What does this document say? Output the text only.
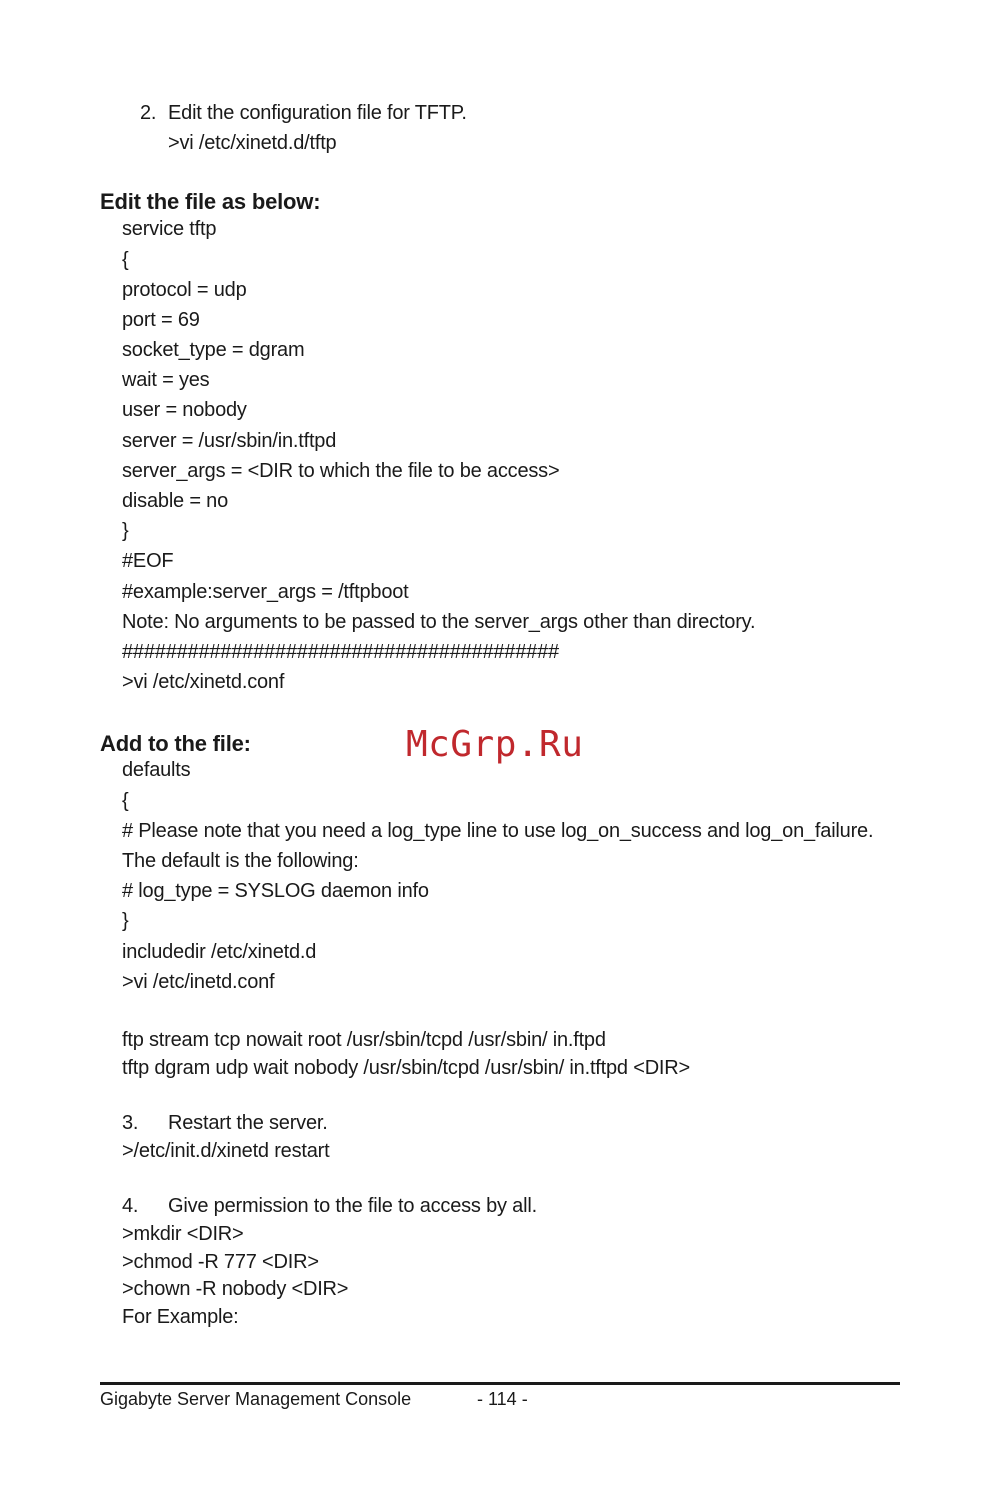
2. Edit the configuration file for TFTP.
>vi /etc/xinetd.d/tftp
Edit the file as below:
service tftp
{
protocol = udp
port = 69
socket_type = dgram
wait = yes
user = nobody
server = /usr/sbin/in.tftpd
server_args = <DIR to which the file to be access>
disable = no
}
#EOF
#example:server_args = /tftpboot
Note: No arguments to be passed to the server_args other than directory.
########################################
>vi /etc/xinetd.conf
Add to the file:	McGrp.Ru
defaults
{
# Please note that you need a log_type line to use log_on_success and log_on_failure.
The default is the following:
# log_type = SYSLOG daemon info
}
includedir /etc/xinetd.d
>vi /etc/inetd.conf
ftp stream tcp nowait root /usr/sbin/tcpd /usr/sbin/ in.ftpd
tftp dgram udp wait nobody /usr/sbin/tcpd /usr/sbin/ in.tftpd <DIR>
3. Restart the server.
>/etc/init.d/xinetd restart
4. Give permission to the file to access by all.
>mkdir <DIR>
>chmod -R 777 <DIR>
>chown -R nobody <DIR>
For Example:
Gigabyte Server Management Console	- 114 -
